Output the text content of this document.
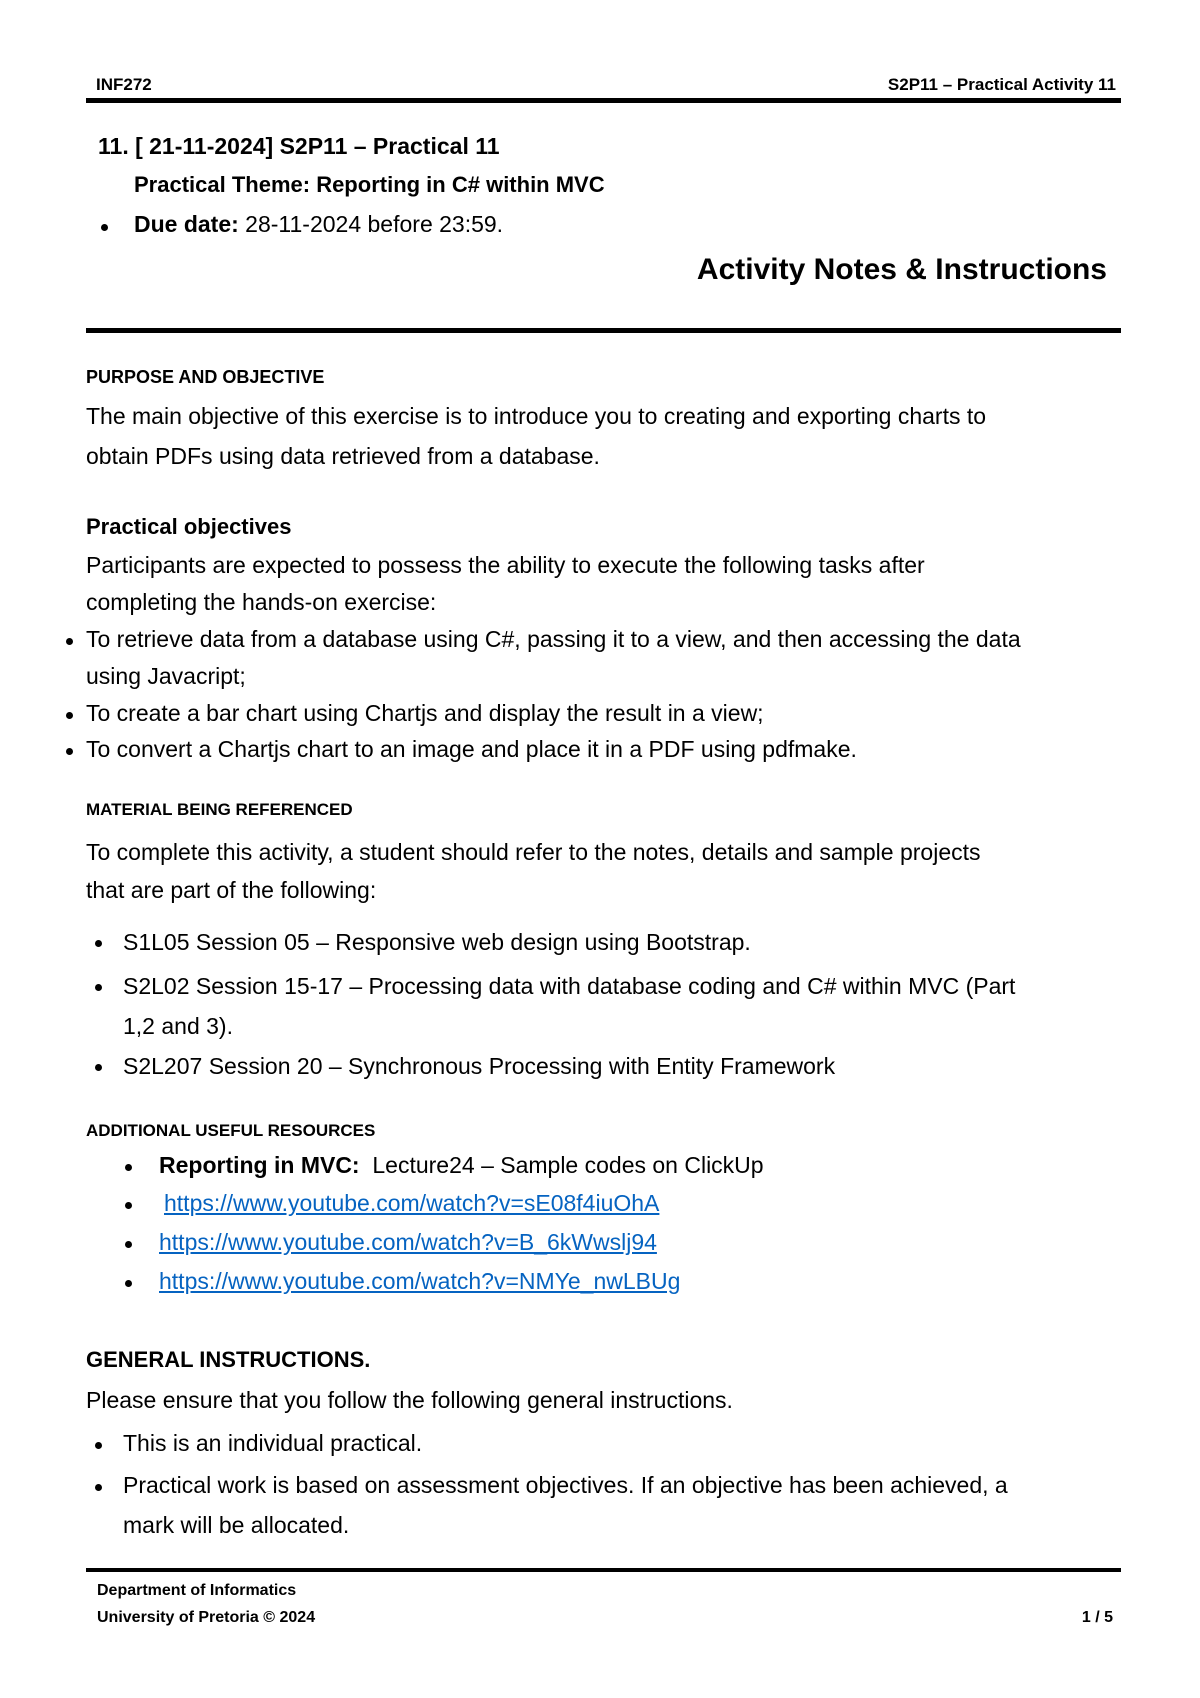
INF272	S2P11 – Practical Activity 11
11. [ 21-11-2024] S2P11 – Practical 11
Practical Theme: Reporting in C# within MVC
Due date: 28-11-2024 before 23:59.
Activity Notes & Instructions
PURPOSE AND OBJECTIVE
The main objective of this exercise is to introduce you to creating and exporting charts to
obtain PDFs using data retrieved from a database.
Practical objectives
Participants are expected to possess the ability to execute the following tasks after
completing the hands-on exercise:
To retrieve data from a database using C#, passing it to a view, and then accessing the data
using Javacript;
To create a bar chart using Chartjs and display the result in a view;
To convert a Chartjs chart to an image and place it in a PDF using pdfmake.
MATERIAL BEING REFERENCED
To complete this activity, a student should refer to the notes, details and sample projects
that are part of the following:
S1L05 Session 05 – Responsive web design using Bootstrap.
S2L02 Session 15-17 – Processing data with database coding and C# within MVC (Part
1,2 and 3).
S2L207 Session 20 – Synchronous Processing with Entity Framework
ADDITIONAL USEFUL RESOURCES
Reporting in MVC:  Lecture24 – Sample codes on ClickUp
https://www.youtube.com/watch?v=sE08f4iuOhA
https://www.youtube.com/watch?v=B_6kWwslj94
https://www.youtube.com/watch?v=NMYe_nwLBUg
GENERAL INSTRUCTIONS.
Please ensure that you follow the following general instructions.
This is an individual practical.
Practical work is based on assessment objectives. If an objective has been achieved, a
mark will be allocated.
Department of Informatics
University of Pretoria © 2024	1 / 5
